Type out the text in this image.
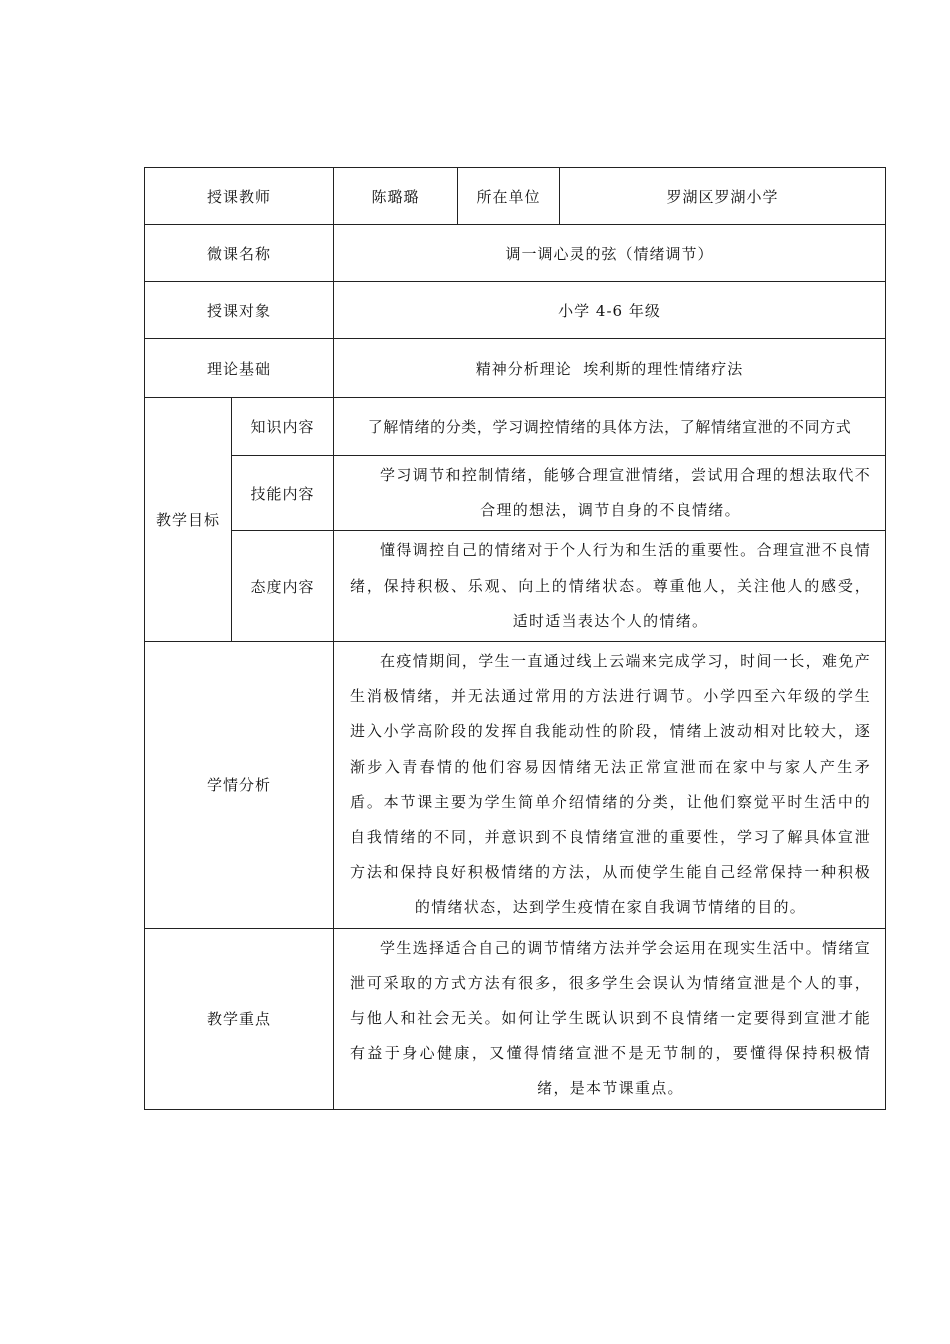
授课教师		陈璐璐	所在单位	罗湖区罗湖小学
微课名称		调一调心灵的弦（情绪调节）		
授课对象		小学 4-6 年级		
理论基础		精神分析理论  埃利斯的理性情绪疗法		
教学目标	知识内容	了解情绪的分类，学习调控情绪的具体方法，了解情绪宣泄的不同方式		
	技能内容	学习调节和控制情绪，能够合理宣泄情绪，尝试用合理的想法取代不合理的想法，调节自身的不良情绪。		
	态度内容	懂得调控自己的情绪对于个人行为和生活的重要性。合理宣泄不良情绪，保持积极、乐观、向上的情绪状态。尊重他人，关注他人的感受，适时适当表达个人的情绪。		
学情分析		在疫情期间，学生一直通过线上云端来完成学习，时间一长，难免产生消极情绪，并无法通过常用的方法进行调节。小学四至六年级的学生进入小学高阶段的发挥自我能动性的阶段，情绪上波动相对比较大，逐渐步入青春情的他们容易因情绪无法正常宣泄而在家中与家人产生矛盾。本节课主要为学生简单介绍情绪的分类，让他们察觉平时生活中的自我情绪的不同，并意识到不良情绪宣泄的重要性，学习了解具体宣泄方法和保持良好积极情绪的方法，从而使学生能自己经常保持一种积极的情绪状态，达到学生疫情在家自我调节情绪的目的。		
教学重点		学生选择适合自己的调节情绪方法并学会运用在现实生活中。情绪宣泄可采取的方式方法有很多，很多学生会误认为情绪宣泄是个人的事，与他人和社会无关。如何让学生既认识到不良情绪一定要得到宣泄才能有益于身心健康，又懂得情绪宣泄不是无节制的，要懂得保持积极情绪，是本节课重点。		
